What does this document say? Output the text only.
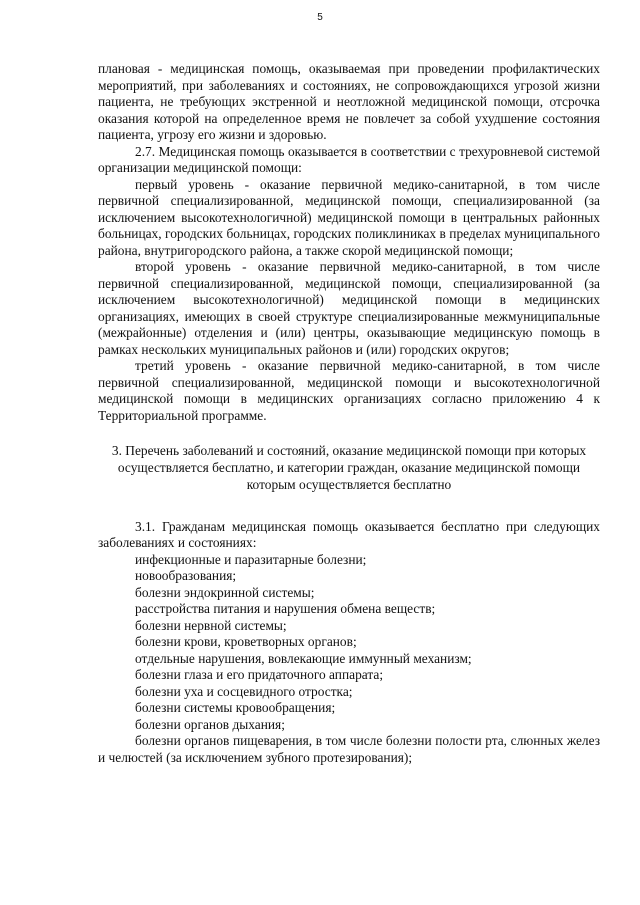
5

плановая - медицинская помощь, оказываемая при проведении профилактических мероприятий, при заболеваниях и состояниях, не сопровождающихся угрозой жизни пациента, не требующих экстренной и неотложной медицинской помощи, отсрочка оказания которой на определенное время не повлечет за собой ухудшение состояния пациента, угрозу его жизни и здоровью.

2.7. Медицинская помощь оказывается в соответствии с трехуровневой системой организации медицинской помощи:

первый уровень - оказание первичной медико-санитарной, в том числе первичной специализированной, медицинской помощи, специализированной (за исключением высокотехнологичной) медицинской помощи в центральных районных больницах, городских больницах, городских поликлиниках в пределах муниципального района, внутригородского района, а также скорой медицинской помощи;

второй уровень - оказание первичной медико-санитарной, в том числе первичной специализированной, медицинской помощи, специализированной (за исключением высокотехнологичной) медицинской помощи в медицинских организациях, имеющих в своей структуре специализированные межмуниципальные (межрайонные) отделения и (или) центры, оказывающие медицинскую помощь в рамках нескольких муниципальных районов и (или) городских округов;

третий уровень - оказание первичной медико-санитарной, в том числе первичной специализированной, медицинской помощи и высокотехнологичной медицинской помощи в медицинских организациях согласно приложению 4 к Территориальной программе.

3. Перечень заболеваний и состояний, оказание медицинской помощи при которых осуществляется бесплатно, и категории граждан, оказание медицинской помощи которым осуществляется бесплатно

3.1. Гражданам медицинская помощь оказывается бесплатно при следующих заболеваниях и состояниях:

инфекционные и паразитарные болезни;

новообразования;

болезни эндокринной системы;

расстройства питания и нарушения обмена веществ;

болезни нервной системы;

болезни крови, кроветворных органов;

отдельные нарушения, вовлекающие иммунный механизм;

болезни глаза и его придаточного аппарата;

болезни уха и сосцевидного отростка;

болезни системы кровообращения;

болезни органов дыхания;

болезни органов пищеварения, в том числе болезни полости рта, слюнных желез и челюстей (за исключением зубного протезирования);
